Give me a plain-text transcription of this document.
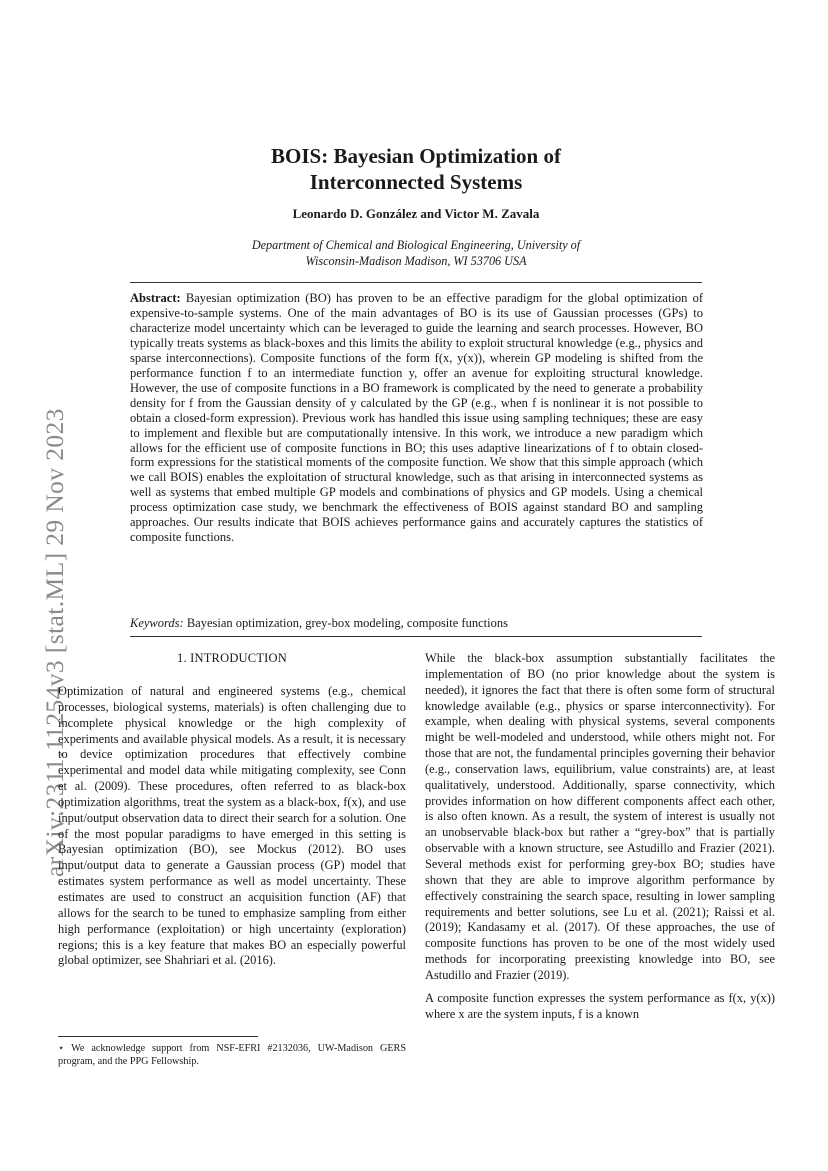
arXiv:2311.11254v3 [stat.ML] 29 Nov 2023
BOIS: Bayesian Optimization of
Interconnected Systems
Leonardo D. González and Victor M. Zavala
Department of Chemical and Biological Engineering, University of
Wisconsin-Madison Madison, WI 53706 USA
Abstract: Bayesian optimization (BO) has proven to be an effective paradigm for the global optimization of expensive-to-sample systems. One of the main advantages of BO is its use of Gaussian processes (GPs) to characterize model uncertainty which can be leveraged to guide the learning and search processes. However, BO typically treats systems as black-boxes and this limits the ability to exploit structural knowledge (e.g., physics and sparse interconnections). Composite functions of the form f(x, y(x)), wherein GP modeling is shifted from the performance function f to an intermediate function y, offer an avenue for exploiting structural knowledge. However, the use of composite functions in a BO framework is complicated by the need to generate a probability density for f from the Gaussian density of y calculated by the GP (e.g., when f is nonlinear it is not possible to obtain a closed-form expression). Previous work has handled this issue using sampling techniques; these are easy to implement and flexible but are computationally intensive. In this work, we introduce a new paradigm which allows for the efficient use of composite functions in BO; this uses adaptive linearizations of f to obtain closed-form expressions for the statistical moments of the composite function. We show that this simple approach (which we call BOIS) enables the exploitation of structural knowledge, such as that arising in interconnected systems as well as systems that embed multiple GP models and combinations of physics and GP models. Using a chemical process optimization case study, we benchmark the effectiveness of BOIS against standard BO and sampling approaches. Our results indicate that BOIS achieves performance gains and accurately captures the statistics of composite functions.
Keywords: Bayesian optimization, grey-box modeling, composite functions
1. INTRODUCTION

Optimization of natural and engineered systems (e.g., chemical processes, biological systems, materials) is often challenging due to incomplete physical knowledge or the high complexity of experiments and available physical models. As a result, it is necessary to device optimization procedures that effectively combine experimental and model data while mitigating complexity, see Conn et al. (2009). These procedures, often referred to as black-box optimization algorithms, treat the system as a black-box, f(x), and use input/output observation data to direct their search for a solution. One of the most popular paradigms to have emerged in this setting is Bayesian optimization (BO), see Mockus (2012). BO uses input/output data to generate a Gaussian process (GP) model that estimates system performance as well as model uncertainty. These estimates are used to construct an acquisition function (AF) that allows for the search to be tuned to emphasize sampling from either high performance (exploitation) or high uncertainty (exploration) regions; this is a key feature that makes BO an especially powerful global optimizer, see Shahriari et al. (2016).

⋆ We acknowledge support from NSF-EFRI #2132036, UW-Madison GERS program, and the PPG Fellowship.

While the black-box assumption substantially facilitates the implementation of BO (no prior knowledge about the system is needed), it ignores the fact that there is often some form of structural knowledge available (e.g., physics or sparse interconnectivity). For example, when dealing with physical systems, several components might be well-modeled and understood, while others might not. For those that are not, the fundamental principles governing their behavior (e.g., conservation laws, equilibrium, value constraints) are, at least qualitatively, understood. Additionally, sparse connectivity, which provides information on how different components affect each other, is also often known. As a result, the system of interest is usually not an unobservable black-box but rather a “grey-box” that is partially observable with a known structure, see Astudillo and Frazier (2021). Several methods exist for performing grey-box BO; studies have shown that they are able to improve algorithm performance by effectively constraining the search space, resulting in lower sampling requirements and better solutions, see Lu et al. (2021); Raissi et al. (2019); Kandasamy et al. (2017). Of these approaches, the use of composite functions has proven to be one of the most widely used methods for incorporating preexisting knowledge into BO, see Astudillo and Frazier (2019).

A composite function expresses the system performance as f(x, y(x)) where x are the system inputs, f is a known
